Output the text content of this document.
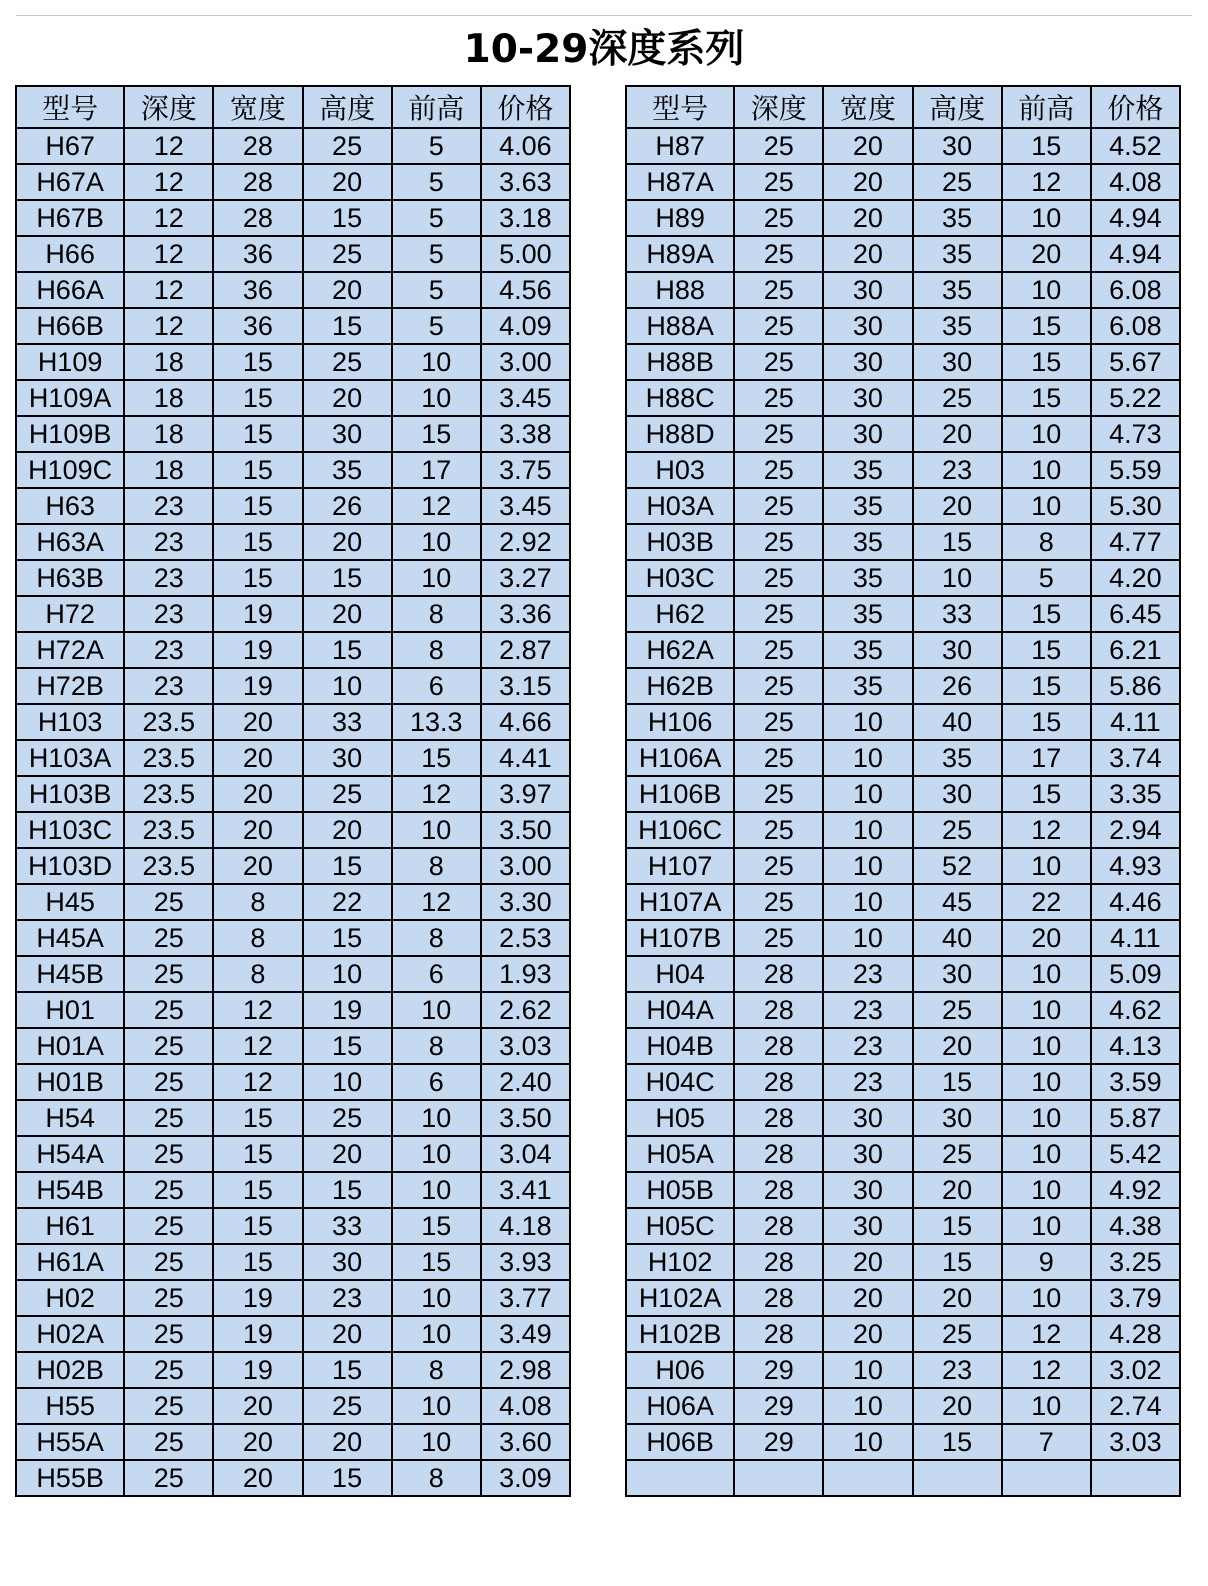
10-29深度系列
型号	深度	宽度	高度	前高	价格
H67	12	28	25	5	4.06
H67A	12	28	20	5	3.63
H67B	12	28	15	5	3.18
H66	12	36	25	5	5.00
H66A	12	36	20	5	4.56
H66B	12	36	15	5	4.09
H109	18	15	25	10	3.00
H109A	18	15	20	10	3.45
H109B	18	15	30	15	3.38
H109C	18	15	35	17	3.75
H63	23	15	26	12	3.45
H63A	23	15	20	10	2.92
H63B	23	15	15	10	3.27
H72	23	19	20	8	3.36
H72A	23	19	15	8	2.87
H72B	23	19	10	6	3.15
H103	23.5	20	33	13.3	4.66
H103A	23.5	20	30	15	4.41
H103B	23.5	20	25	12	3.97
H103C	23.5	20	20	10	3.50
H103D	23.5	20	15	8	3.00
H45	25	8	22	12	3.30
H45A	25	8	15	8	2.53
H45B	25	8	10	6	1.93
H01	25	12	19	10	2.62
H01A	25	12	15	8	3.03
H01B	25	12	10	6	2.40
H54	25	15	25	10	3.50
H54A	25	15	20	10	3.04
H54B	25	15	15	10	3.41
H61	25	15	33	15	4.18
H61A	25	15	30	15	3.93
H02	25	19	23	10	3.77
H02A	25	19	20	10	3.49
H02B	25	19	15	8	2.98
H55	25	20	25	10	4.08
H55A	25	20	20	10	3.60
H55B	25	20	15	8	3.09
型号	深度	宽度	高度	前高	价格
H87	25	20	30	15	4.52
H87A	25	20	25	12	4.08
H89	25	20	35	10	4.94
H89A	25	20	35	20	4.94
H88	25	30	35	10	6.08
H88A	25	30	35	15	6.08
H88B	25	30	30	15	5.67
H88C	25	30	25	15	5.22
H88D	25	30	20	10	4.73
H03	25	35	23	10	5.59
H03A	25	35	20	10	5.30
H03B	25	35	15	8	4.77
H03C	25	35	10	5	4.20
H62	25	35	33	15	6.45
H62A	25	35	30	15	6.21
H62B	25	35	26	15	5.86
H106	25	10	40	15	4.11
H106A	25	10	35	17	3.74
H106B	25	10	30	15	3.35
H106C	25	10	25	12	2.94
H107	25	10	52	10	4.93
H107A	25	10	45	22	4.46
H107B	25	10	40	20	4.11
H04	28	23	30	10	5.09
H04A	28	23	25	10	4.62
H04B	28	23	20	10	4.13
H04C	28	23	15	10	3.59
H05	28	30	30	10	5.87
H05A	28	30	25	10	5.42
H05B	28	30	20	10	4.92
H05C	28	30	15	10	4.38
H102	28	20	15	9	3.25
H102A	28	20	20	10	3.79
H102B	28	20	25	12	4.28
H06	29	10	23	12	3.02
H06A	29	10	20	10	2.74
H06B	29	10	15	7	3.03
